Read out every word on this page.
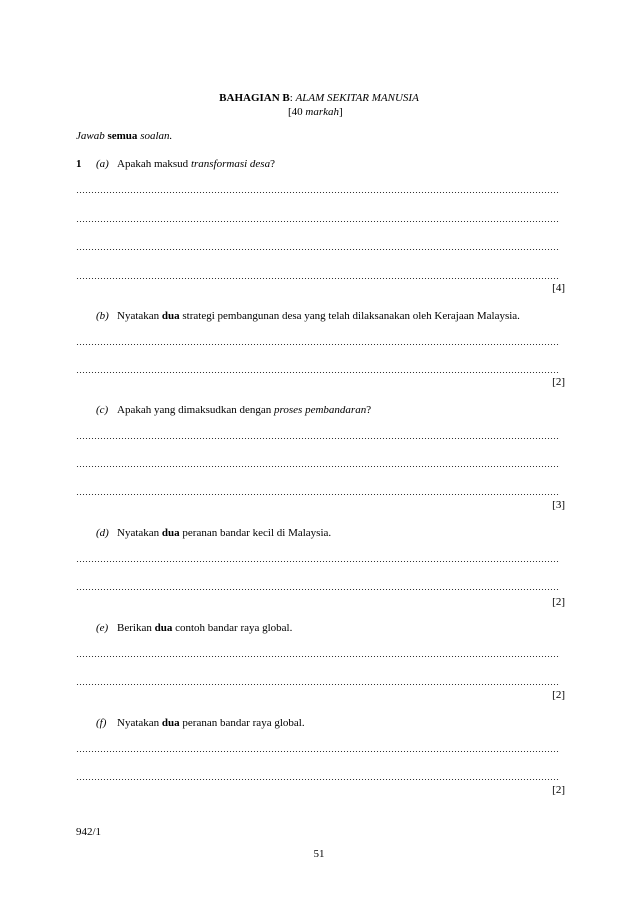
BAHAGIAN B: ALAM SEKITAR MANUSIA
[40 markah]
Jawab semua soalan.
1 (a) Apakah maksud transformasi desa?
[4]
(b) Nyatakan dua strategi pembangunan desa yang telah dilaksanakan oleh Kerajaan Malaysia.
[2]
(c) Apakah yang dimaksudkan dengan proses pembandaran?
[3]
(d) Nyatakan dua peranan bandar kecil di Malaysia.
[2]
(e) Berikan dua contoh bandar raya global.
[2]
(f) Nyatakan dua peranan bandar raya global.
[2]
942/1
51
